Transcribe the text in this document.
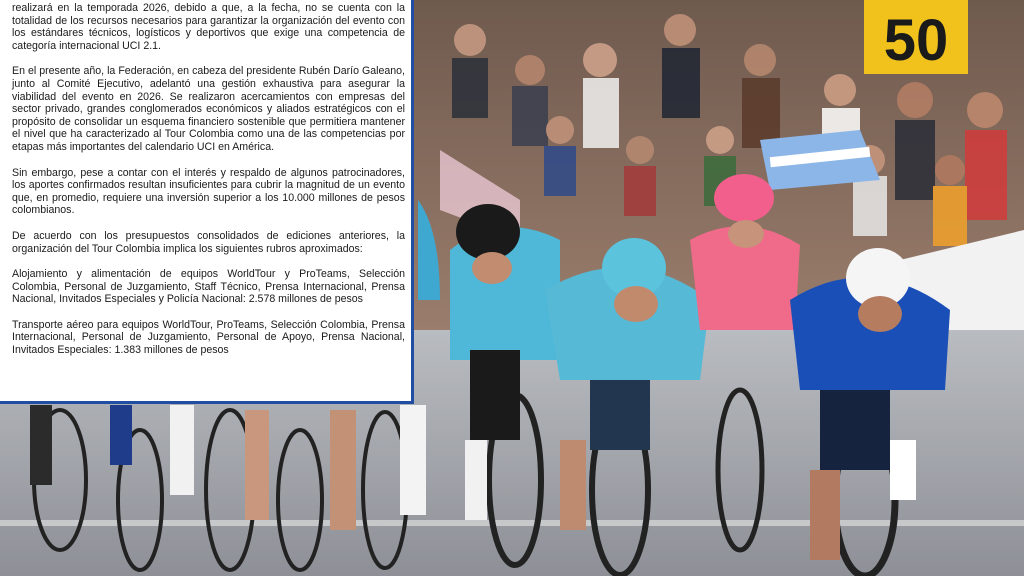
50

realizará en la temporada 2026, debido a que, a la fecha, no se cuenta con la totalidad de los recursos necesarios para garantizar la organización del evento con los estándares técnicos, logísticos y deportivos que exige una competencia de categoría internacional UCI 2.1.

En el presente año, la Federación, en cabeza del presidente Rubén Darío Galeano, junto al Comité Ejecutivo, adelantó una gestión exhaustiva para asegurar la viabilidad del evento en 2026. Se realizaron acercamientos con empresas del sector privado, grandes conglomerados económicos y aliados estratégicos con el propósito de consolidar un esquema financiero sostenible que permitiera mantener el nivel que ha caracterizado al Tour Colombia como una de las competencias por etapas más importantes del calendario UCI en América.

Sin embargo, pese a contar con el interés y respaldo de algunos patrocinadores, los aportes confirmados resultan insuficientes para cubrir la magnitud de un evento que, en promedio, requiere una inversión superior a los 10.000 millones de pesos colombianos.

De acuerdo con los presupuestos consolidados de ediciones anteriores, la organización del Tour Colombia implica los siguientes rubros aproximados:

Alojamiento y alimentación de equipos WorldTour y ProTeams, Selección Colombia, Personal de Juzgamiento, Staff Técnico, Prensa Internacional, Prensa Nacional, Invitados Especiales y Policía Nacional: 2.578 millones de pesos

Transporte aéreo para equipos WorldTour, ProTeams, Selección Colombia, Prensa Internacional, Personal de Juzgamiento, Personal de Apoyo, Prensa Nacional, Invitados Especiales: 1.383 millones de pesos
